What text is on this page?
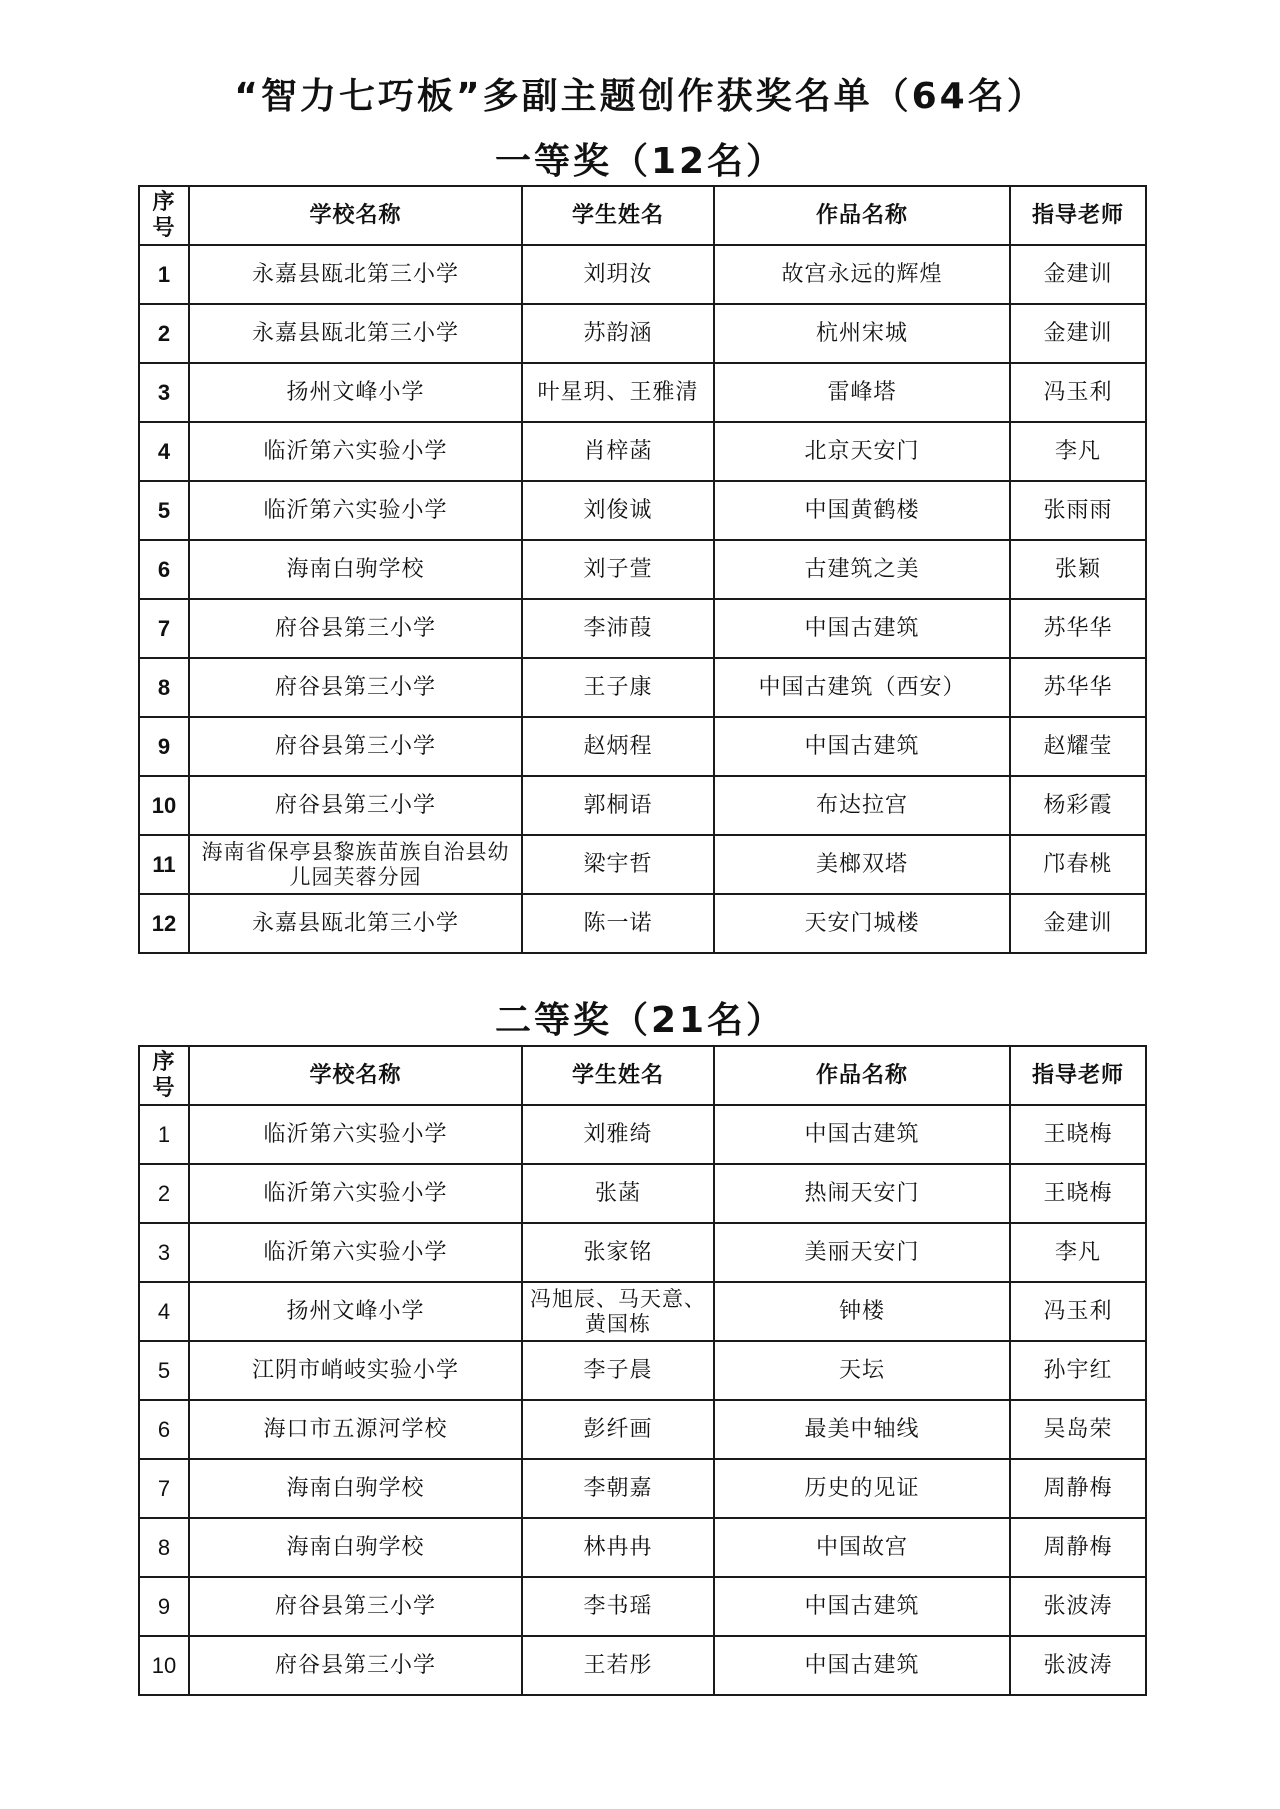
“智力七巧板”多副主题创作获奖名单（64名）
一等奖（12名）
序号	学校名称	学生姓名	作品名称	指导老师
1	永嘉县瓯北第三小学	刘玥汝	故宫永远的辉煌	金建训
2	永嘉县瓯北第三小学	苏韵涵	杭州宋城	金建训
3	扬州文峰小学	叶星玥、王雅清	雷峰塔	冯玉利
4	临沂第六实验小学	肖梓菡	北京天安门	李凡
5	临沂第六实验小学	刘俊诚	中国黄鹤楼	张雨雨
6	海南白驹学校	刘子萱	古建筑之美	张颖
7	府谷县第三小学	李沛葭	中国古建筑	苏华华
8	府谷县第三小学	王子康	中国古建筑（西安）	苏华华
9	府谷县第三小学	赵炳程	中国古建筑	赵耀莹
10	府谷县第三小学	郭桐语	布达拉宫	杨彩霞
11	海南省保亭县黎族苗族自治县幼儿园芙蓉分园	梁宇哲	美榔双塔	邝春桃
12	永嘉县瓯北第三小学	陈一诺	天安门城楼	金建训
二等奖（21名）
序号	学校名称	学生姓名	作品名称	指导老师
1	临沂第六实验小学	刘雅绮	中国古建筑	王晓梅
2	临沂第六实验小学	张菡	热闹天安门	王晓梅
3	临沂第六实验小学	张家铭	美丽天安门	李凡
4	扬州文峰小学	冯旭辰、马天意、黄国栋	钟楼	冯玉利
5	江阴市峭岐实验小学	李子晨	天坛	孙宇红
6	海口市五源河学校	彭纤画	最美中轴线	吴岛荣
7	海南白驹学校	李朝嘉	历史的见证	周静梅
8	海南白驹学校	林冉冉	中国故宫	周静梅
9	府谷县第三小学	李书瑶	中国古建筑	张波涛
10	府谷县第三小学	王若彤	中国古建筑	张波涛
